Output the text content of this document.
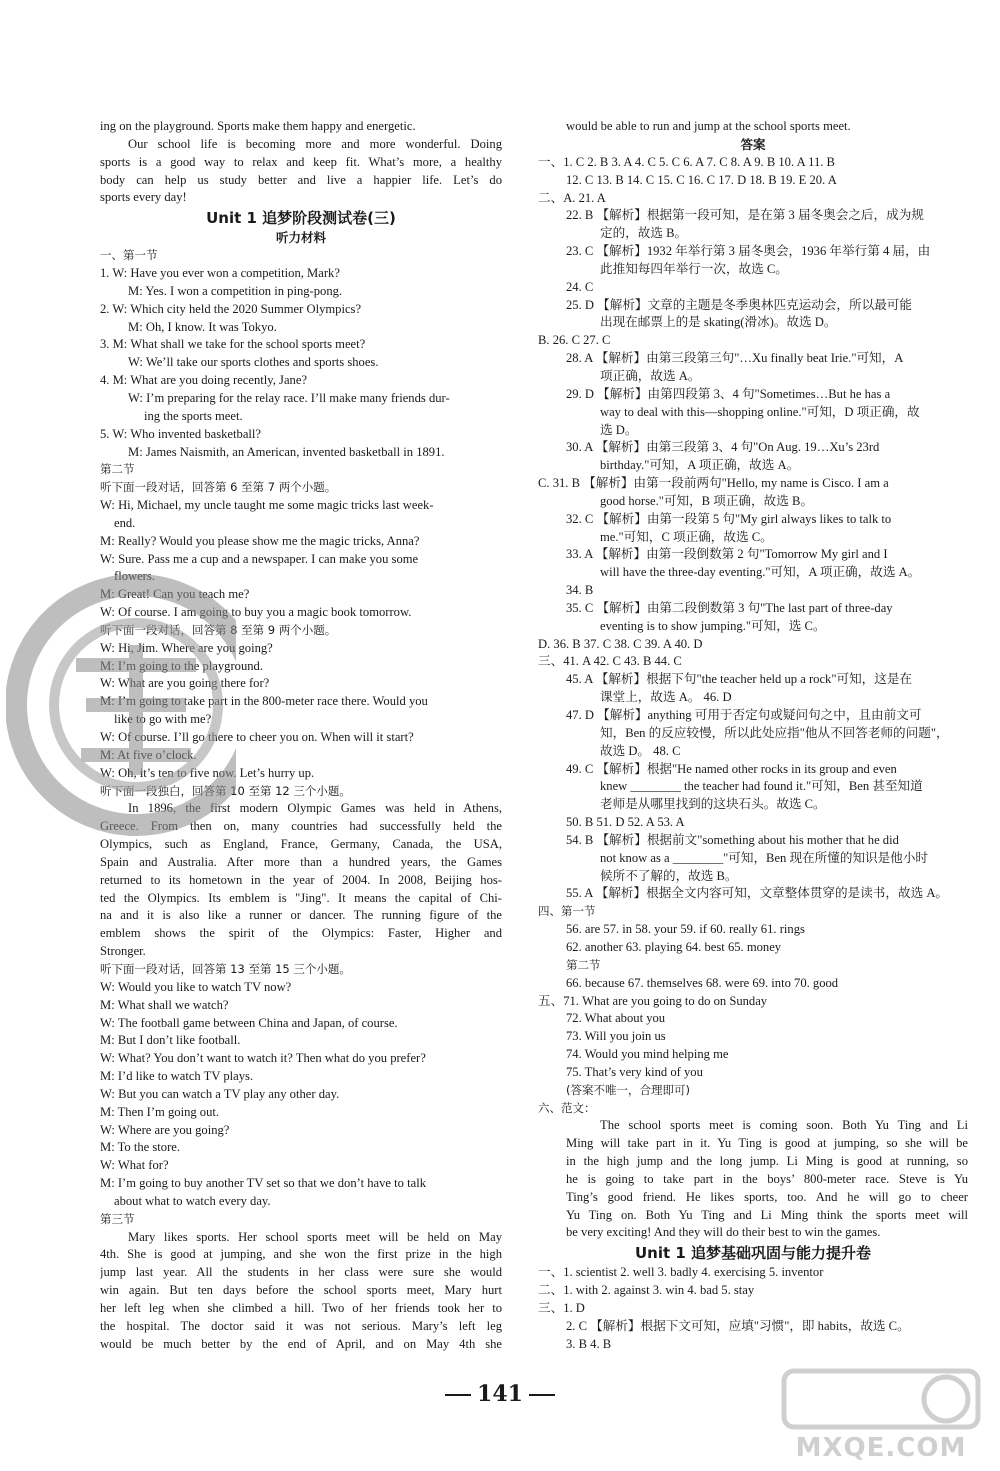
ing on the playground. Sports make them happy and energetic.
Our school life is becoming more and more wonderful. Doing
sports is a good way to relax and keep fit. What’s more, a healthy
body can help us study better and live a happier life. Let’s do
sports every day!
Unit 1 追梦阶段测试卷(三)
听力材料
一、第一节
1. W: Have you ever won a competition, Mark?
M: Yes. I won a competition in ping-pong.
2. W: Which city held the 2020 Summer Olympics?
M: Oh, I know. It was Tokyo.
3. M: What shall we take for the school sports meet?
W: We’ll take our sports clothes and sports shoes.
4. M: What are you doing recently, Jane?
W: I’m preparing for the relay race. I’ll make many friends dur-
ing the sports meet.
5. W: Who invented basketball?
M: James Naismith, an American, invented basketball in 1891.
第二节
听下面一段对话，回答第 6 至第 7 两个小题。
W: Hi, Michael, my uncle taught me some magic tricks last week-
end.
M: Really? Would you please show me the magic tricks, Anna?
W: Sure. Pass me a cup and a newspaper. I can make you some
flowers.
M: Great! Can you teach me?
W: Of course. I am going to buy you a magic book tomorrow.
听下面一段对话，回答第 8 至第 9 两个小题。
W: Hi, Jim. Where are you going?
M: I’m going to the playground.
W: What are you going there for?
M: I’m going to take part in the 800-meter race there. Would you
like to go with me?
W: Of course. I’ll go there to cheer you on. When will it start?
M: At five o’clock.
W: Oh, it’s ten to five now. Let’s hurry up.
听下面一段独白，回答第 10 至第 12 三个小题。
In 1896, the first modern Olympic Games was held in Athens,
Greece. From then on, many countries had successfully held the
Olympics, such as England, France, Germany, Canada, the USA,
Spain and Australia. After more than a hundred years, the Games
returned to its hometown in the year of 2004. In 2008, Beijing hos-
ted the Olympics. Its emblem is "Jing". It means the capital of Chi-
na and it is also like a runner or dancer. The running figure of the
emblem shows the spirit of the Olympics: Faster, Higher and
Stronger.
听下面一段对话，回答第 13 至第 15 三个小题。
W: Would you like to watch TV now?
M: What shall we watch?
W: The football game between China and Japan, of course.
M: But I don’t like football.
W: What? You don’t want to watch it? Then what do you prefer?
M: I’d like to watch TV plays.
W: But you can watch a TV play any other day.
M: Then I’m going out.
W: Where are you going?
M: To the store.
W: What for?
M: I’m going to buy another TV set so that we don’t have to talk
about what to watch every day.
第三节
Mary likes sports. Her school sports meet will be held on May
4th. She is good at jumping, and she won the first prize in the high
jump last year. All the students in her class were sure she would
win again. But ten days before the school sports meet, Mary hurt
her left leg when she climbed a hill. Two of her friends took her to
the hospital. The doctor said it was not serious. Mary’s left leg
would be much better by the end of April, and on May 4th she
would be able to run and jump at the school sports meet.
答案
一、1. C 2. B 3. A 4. C 5. C 6. A 7. C 8. A 9. B 10. A 11. B
12. C 13. B 14. C 15. C 16. C 17. D 18. B 19. E 20. A
二、A. 21. A
22. B 【解析】根据第一段可知，是在第 3 届冬奥会之后，成为规
定的，故选 B。
23. C 【解析】1932 年举行第 3 届冬奥会，1936 年举行第 4 届，由
此推知每四年举行一次，故选 C。
24. C
25. D 【解析】文章的主题是冬季奥林匹克运动会，所以最可能
出现在邮票上的是 skating(滑冰)。故选 D。
B. 26. C 27. C
28. A 【解析】由第三段第三句"…Xu finally beat Irie."可知，A
项正确，故选 A。
29. D 【解析】由第四段第 3、4 句"Sometimes…But he has a
way to deal with this—shopping online."可知，D 项正确，故
选 D。
30. A 【解析】由第三段第 3、4 句"On Aug. 19…Xu’s 23rd
birthday."可知，A 项正确，故选 A。
C. 31. B 【解析】由第一段前两句"Hello, my name is Cisco. I am a
good horse."可知，B 项正确，故选 B。
32. C 【解析】由第一段第 5 句"My girl always likes to talk to
me."可知，C 项正确，故选 C。
33. A 【解析】由第一段倒数第 2 句"Tomorrow My girl and I
will have the three-day eventing."可知，A 项正确，故选 A。
34. B
35. C 【解析】由第二段倒数第 3 句"The last part of three-day
eventing is to show jumping."可知，选 C。
D. 36. B 37. C 38. C 39. A 40. D
三、41. A 42. C 43. B 44. C
45. A 【解析】根据下句"the teacher held up a rock"可知，这是在
课堂上，故选 A。 46. D
47. D 【解析】anything 可用于否定句或疑问句之中，且由前文可
知，Ben 的反应较慢，所以此处应指"他从不回答老师的问题"，
故选 D。 48. C
49. C 【解析】根据"He named other rocks in its group and even
knew ________ the teacher had found it."可知，Ben 甚至知道
老师是从哪里找到的这块石头。故选 C。
50. B 51. D 52. A 53. A
54. B 【解析】根据前文"something about his mother that he did
not know as a ________"可知，Ben 现在所懂的知识是他小时
候所不了解的，故选 B。
55. A 【解析】根据全文内容可知，文章整体贯穿的是读书，故选 A。
四、第一节
56. are 57. in 58. your 59. if 60. really 61. rings
62. another 63. playing 64. best 65. money
第二节
66. because 67. themselves 68. were 69. into 70. good
五、71. What are you going to do on Sunday
72. What about you
73. Will you join us
74. Would you mind helping me
75. That’s very kind of you
(答案不唯一，合理即可)
六、范文：
The school sports meet is coming soon. Both Yu Ting and Li
Ming will take part in it. Yu Ting is good at jumping, so she will be
in the high jump and the long jump. Li Ming is good at running, so
he is going to take part in the boys’ 800-meter race. Steve is Yu
Ting’s good friend. He likes sports, too. And he will go to cheer
Yu Ting on. Both Yu Ting and Li Ming think the sports meet will
be very exciting! And they will do their best to win the games.
Unit 1 追梦基础巩固与能力提升卷
一、1. scientist 2. well 3. badly 4. exercising 5. inventor
二、1. with 2. against 3. win 4. bad 5. stay
三、1. D
2. C 【解析】根据下文可知，应填"习惯"，即 habits，故选 C。
3. B 4. B
141
MXQE.COM
